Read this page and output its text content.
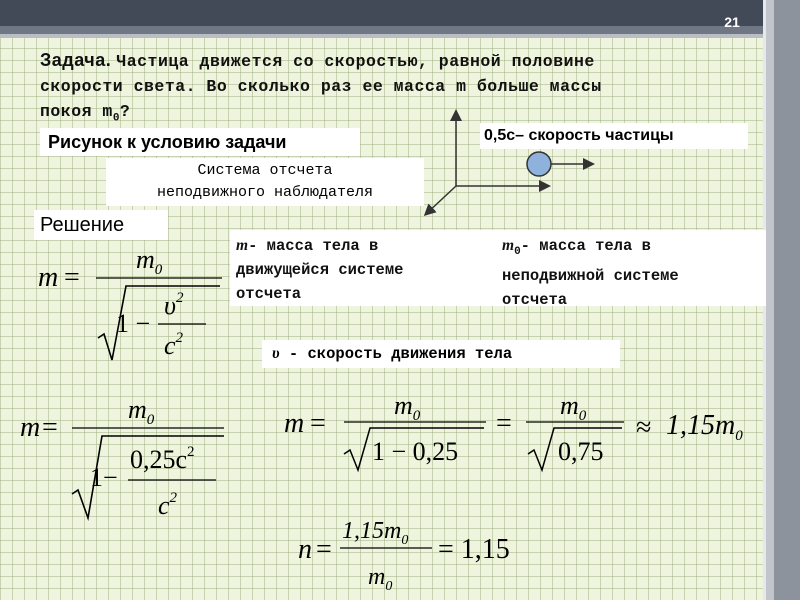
21
Задача. Частица движется со скоростью, равной половине
скорости света. Во сколько раз ее масса m больше массы
покоя $m_0$?
Рисунок к условию задачи
Система отсчета
неподвижного наблюдателя
0,5c– скорость частицы
Решение
m- масса тела в
движущейся системе
отсчета
$m_0-$ масса тела в
неподвижной системе
отсчета
υ - скорость движения тела
m =
$m_0$
1 −
$\upsilon^2$
$c^2$
m =
$m_0$
1−
$0,25c^2$
$c^2$
m =
$m_0$
1 − 0,25
=
$m_0$
0,75
≈ $1,15m_0$
n =
$1,15m_0$
$m_0$
= 1,15
